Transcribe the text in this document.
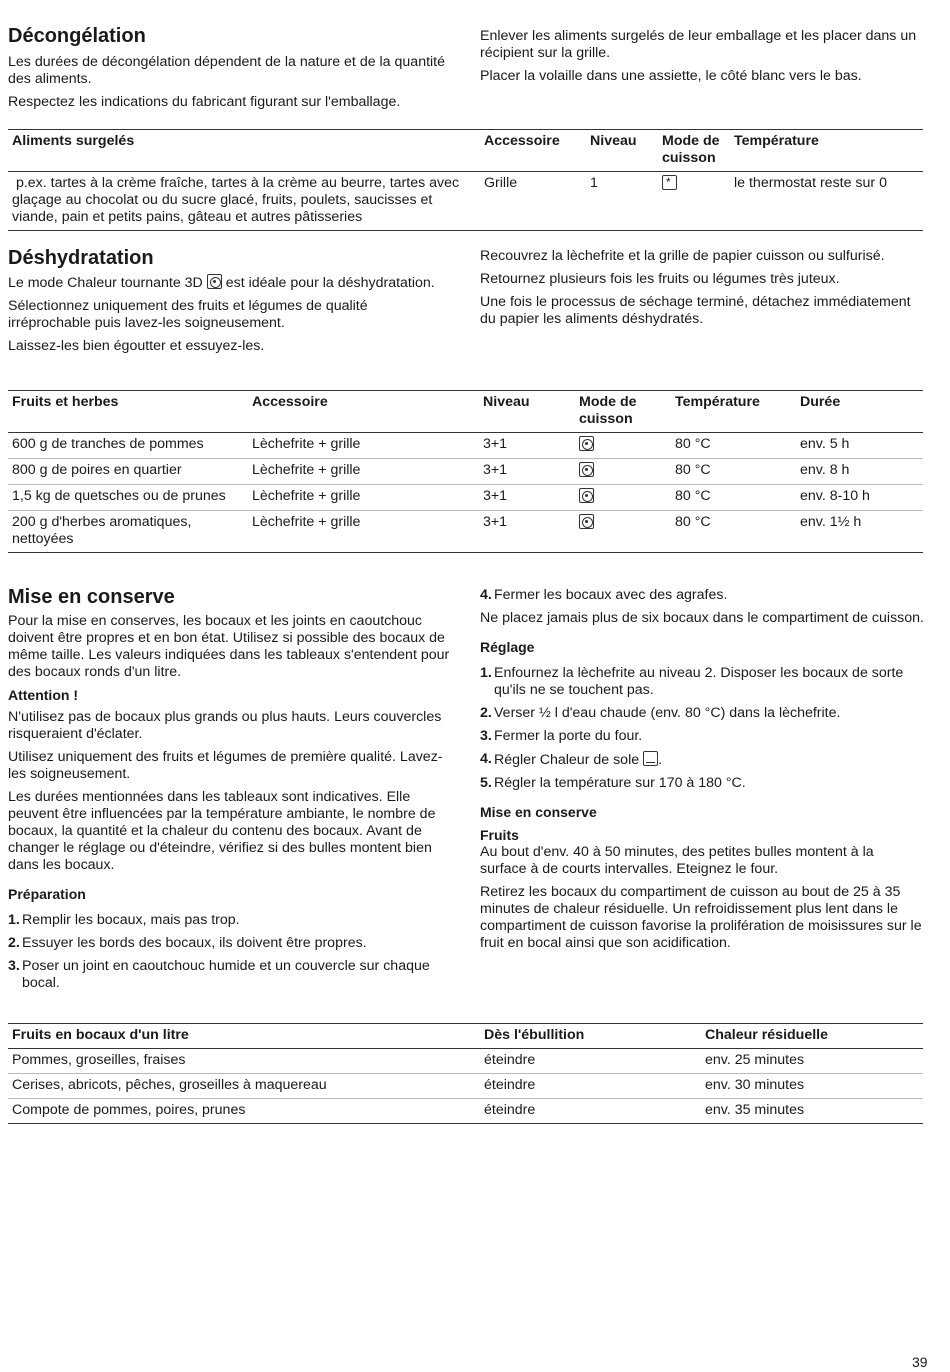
Décongélation

Les durées de décongélation dépendent de la nature et de la quantité des aliments.

Respectez les indications du fabricant figurant sur l'emballage.

Enlever les aliments surgelés de leur emballage et les placer dans un récipient sur la grille.

Placer la volaille dans une assiette, le côté blanc vers le bas.

Aliments surgelés	Accessoire	Niveau	Mode de cuisson	Température
p.ex. tartes à la crème fraîche, tartes à la crème au beurre, tartes avec glaçage au chocolat ou du sucre glacé, fruits, poulets, saucisses et viande, pain et petits pains, gâteau et autres pâtisseries	Grille	1	*	le thermostat reste sur 0
Déshydratation

Le mode Chaleur tournante 3D est idéale pour la déshydratation.

Sélectionnez uniquement des fruits et légumes de qualité irréprochable puis lavez-les soigneusement.

Laissez-les bien égoutter et essuyez-les.

Recouvrez la lèchefrite et la grille de papier cuisson ou sulfurisé.

Retournez plusieurs fois les fruits ou légumes très juteux.

Une fois le processus de séchage terminé, détachez immédiatement du papier les aliments déshydratés.

Fruits et herbes	Accessoire	Niveau	Mode de cuisson	Température	Durée
600 g de tranches de pommes	Lèchefrite + grille	3+1		80 °C	env. 5 h
800 g de poires en quartier	Lèchefrite + grille	3+1		80 °C	env. 8 h
1,5 kg de quetsches ou de prunes	Lèchefrite + grille	3+1		80 °C	env. 8-10 h
200 g d'herbes aromatiques, nettoyées	Lèchefrite + grille	3+1		80 °C	env. 1½ h
Mise en conserve

Pour la mise en conserves, les bocaux et les joints en caoutchouc doivent être propres et en bon état. Utilisez si possible des bocaux de même taille. Les valeurs indiquées dans les tableaux s'entendent pour des bocaux ronds d'un litre.

Attention !

N'utilisez pas de bocaux plus grands ou plus hauts. Leurs couvercles risqueraient d'éclater.

Utilisez uniquement des fruits et légumes de première qualité. Lavez-les soigneusement.

Les durées mentionnées dans les tableaux sont indicatives. Elle peuvent être influencées par la température ambiante, le nombre de bocaux, la quantité et la chaleur du contenu des bocaux. Avant de changer le réglage ou d'éteindre, vérifiez si des bulles montent bien dans les bocaux.

Préparation
1. Remplir les bocaux, mais pas trop.
2. Essuyer les bords des bocaux, ils doivent être propres.
3. Poser un joint en caoutchouc humide et un couvercle sur chaque bocal.
4. Fermer les bocaux avec des agrafes.

Ne placez jamais plus de six bocaux dans le compartiment de cuisson.

Réglage
1. Enfournez la lèchefrite au niveau 2. Disposer les bocaux de sorte qu'ils ne se touchent pas.
2. Verser ½ l d'eau chaude (env. 80 °C) dans la lèchefrite.
3. Fermer la porte du four.
4. Régler Chaleur de sole .
5. Régler la température sur 170 à 180 °C.
Mise en conserve
Fruits

Au bout d'env. 40 à 50 minutes, des petites bulles montent à la surface à de courts intervalles. Eteignez le four.

Retirez les bocaux du compartiment de cuisson au bout de 25 à 35 minutes de chaleur résiduelle. Un refroidissement plus lent dans le compartiment de cuisson favorise la prolifération de moisissures sur le fruit en bocal ainsi que son acidification.

Fruits en bocaux d'un litre	Dès l'ébullition	Chaleur résiduelle
Pommes, groseilles, fraises	éteindre	env. 25 minutes
Cerises, abricots, pêches, groseilles à maquereau	éteindre	env. 30 minutes
Compote de pommes, poires, prunes	éteindre	env. 35 minutes
39
